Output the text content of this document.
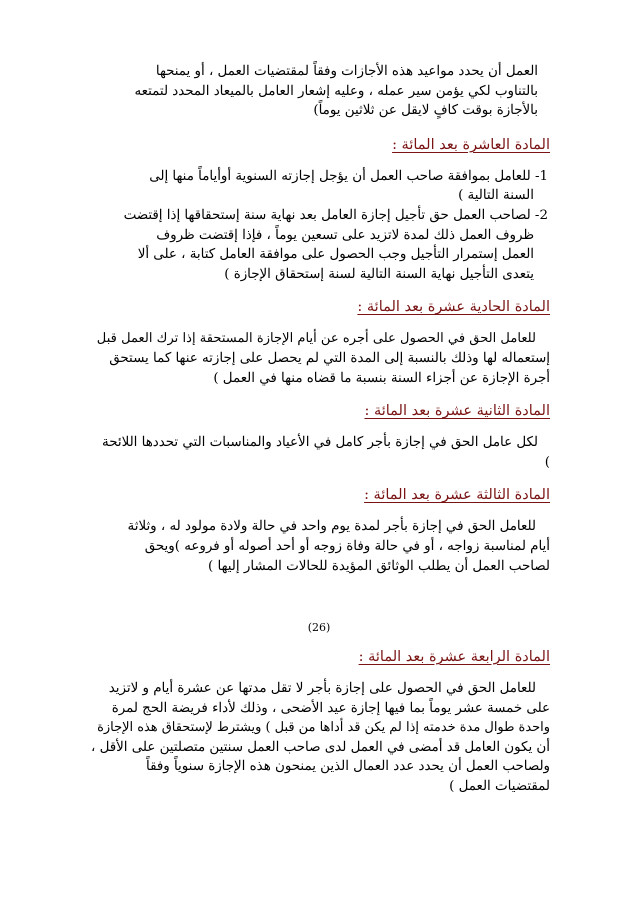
العمل أن يحدد مواعيد هذه الأجازات وفقاً لمقتضيات العمل ، أو يمنحها
بالتناوب لكي يؤمن سير عمله ، وعليه إشعار العامل بالميعاد المحدد لتمتعه
بالأجازة بوقت كافٍ لايقل عن ثلاثين يوماً)
المادة العاشرة بعد المائة :
1- للعامل بموافقة صاحب العمل أن يؤجل إجازته السنوية أوأياماً منها إلى
السنة التالية )
2- لصاحب العمل حق تأجيل إجازة العامل بعد نهاية سنة إستحقاقها إذا إقتضت
ظروف العمل ذلك لمدة لاتزيد على تسعين يوماً ، فإذا إقتضت ظروف
العمل إستمرار التأجيل وجب الحصول على موافقة العامل كتابة ، على ألا
يتعدى التأجيل نهاية السنة التالية لسنة إستحقاق الإجازة )
المادة الحادية عشرة بعد المائة :
للعامل الحق في الحصول على أجره عن أيام الإجازة المستحقة إذا ترك العمل قبل
إستعماله لها وذلك بالنسبة إلى المدة التي لم يحصل على إجازته عنها كما يستحق
أجرة الإجازة عن أجزاء السنة بنسبة ما قضاه منها في العمل )
المادة الثانية عشرة بعد المائة :
لكل عامل الحق في إجازة بأجر كامل في الأعياد والمناسبات التي تحددها اللائحة
)
المادة الثالثة عشرة بعد المائة :
للعامل الحق في إجازة بأجر لمدة يوم واحد في حالة ولادة مولود له ، وثلاثة
أيام لمناسبة زواجه ، أو في حالة وفاة زوجه أو أحد أصوله أو فروعه )ويحق
لصاحب العمل أن يطلب الوثائق المؤيدة للحالات المشار إليها )
(26)
المادة الرابعة عشرة بعد المائة :
للعامل الحق في الحصول على إجازة بأجر لا تقل مدتها عن عشرة أيام و لاتزيد
على خمسة عشر يوماً بما فيها إجازة عيد الأضحى ، وذلك لأداء فريضة الحج لمرة
واحدة طوال مدة خدمته إذا لم يكن قد أداها من قبل ) ويشترط لإستحقاق هذه الإجازة
أن يكون العامل قد أمضى في العمل لدى صاحب العمل سنتين متصلتين على الأقل ،
ولصاحب العمل أن يحدد عدد العمال الذين يمنحون هذه الإجازة سنوياً وفقاً
لمقتضيات العمل )
